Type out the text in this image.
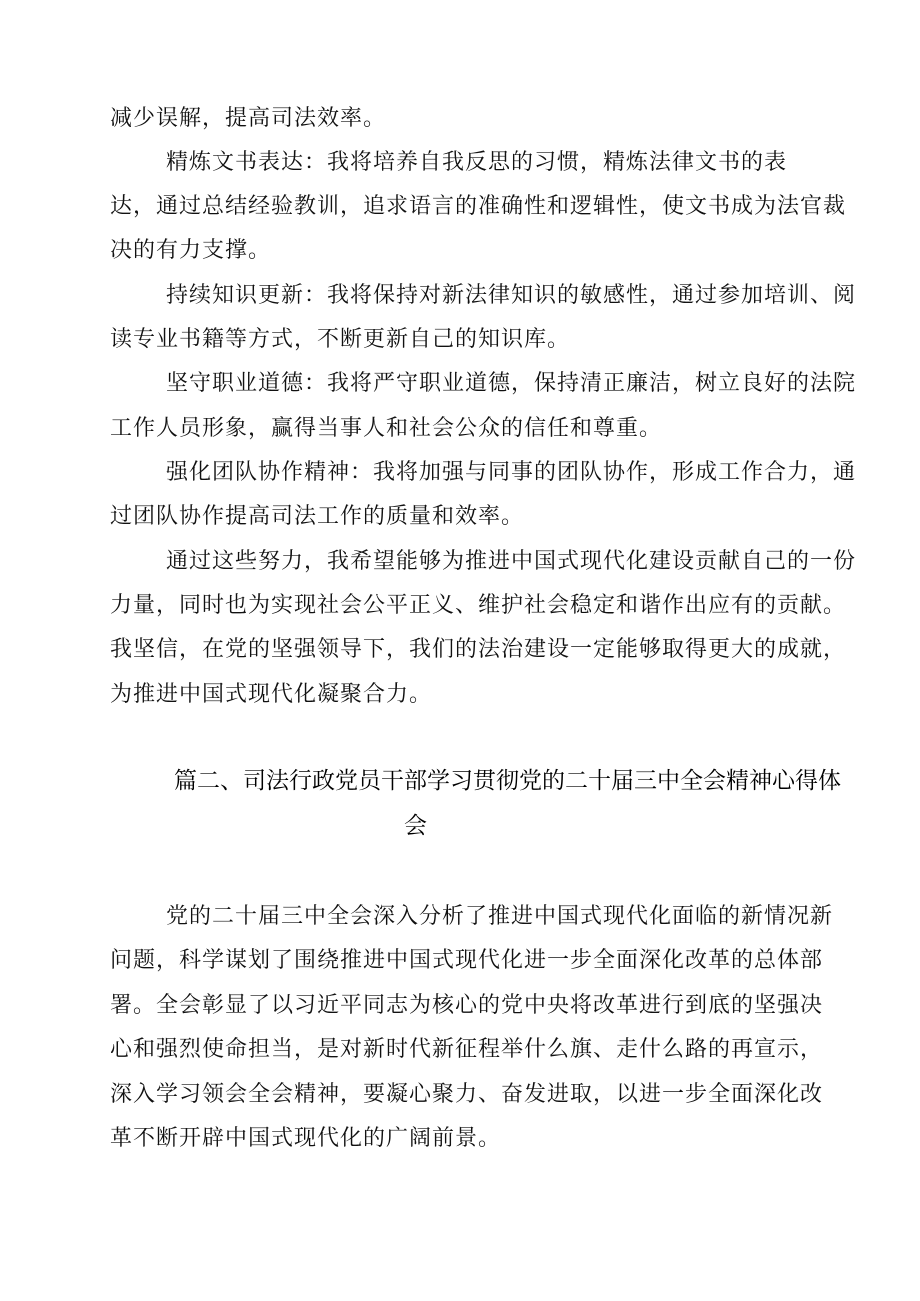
减少误解，提高司法效率。
精炼文书表达：我将培养自我反思的习惯，精炼法律文书的表
达，通过总结经验教训，追求语言的准确性和逻辑性，使文书成为法官裁
决的有力支撑。
持续知识更新：我将保持对新法律知识的敏感性，通过参加培训、阅
读专业书籍等方式，不断更新自己的知识库。
坚守职业道德：我将严守职业道德，保持清正廉洁，树立良好的法院
工作人员形象，赢得当事人和社会公众的信任和尊重。
强化团队协作精神：我将加强与同事的团队协作，形成工作合力，通
过团队协作提高司法工作的质量和效率。
通过这些努力，我希望能够为推进中国式现代化建设贡献自己的一份
力量，同时也为实现社会公平正义、维护社会稳定和谐作出应有的贡献。
我坚信，在党的坚强领导下，我们的法治建设一定能够取得更大的成就，
为推进中国式现代化凝聚合力。
篇二、司法行政党员干部学习贯彻党的二十届三中全会精神心得体
会
党的二十届三中全会深入分析了推进中国式现代化面临的新情况新
问题，科学谋划了围绕推进中国式现代化进一步全面深化改革的总体部
署。全会彰显了以习近平同志为核心的党中央将改革进行到底的坚强决
心和强烈使命担当，是对新时代新征程举什么旗、走什么路的再宣示，
深入学习领会全会精神，要凝心聚力、奋发进取，以进一步全面深化改
革不断开辟中国式现代化的广阔前景。
